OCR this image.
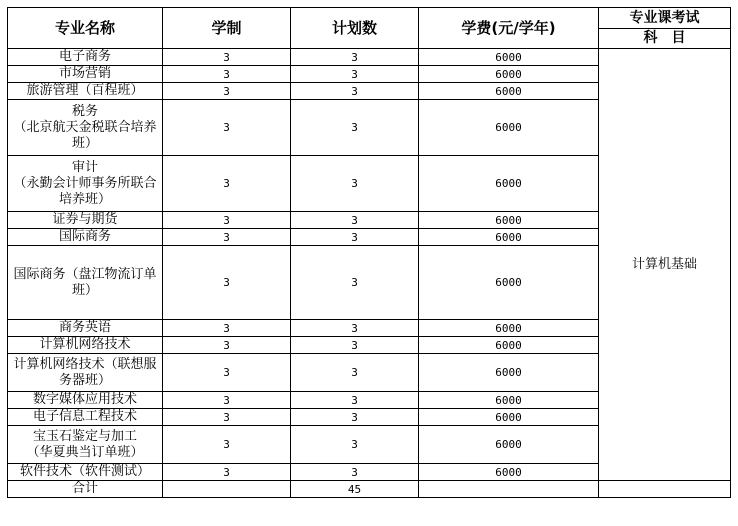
专业名称	学制	计划数	学费(元/学年)	专业课考试
				科　目
电子商务	3	3	6000	计算机基础
市场营销	3	3	6000	
旅游管理（百程班）	3	3	6000	
税务
（北京航天金税联合培养班）	3	3	6000	
审计
（永勤会计师事务所联合培养班）	3	3	6000	
证券与期货	3	3	6000	
国际商务	3	3	6000	
国际商务（盘江物流订单班）	3	3	6000	
商务英语	3	3	6000	
计算机网络技术	3	3	6000	
计算机网络技术（联想服务器班）	3	3	6000	
数字媒体应用技术	3	3	6000	
电子信息工程技术	3	3	6000	
宝玉石鉴定与加工
（华夏典当订单班）	3	3	6000	
软件技术（软件测试）	3	3	6000	
合计		45		
